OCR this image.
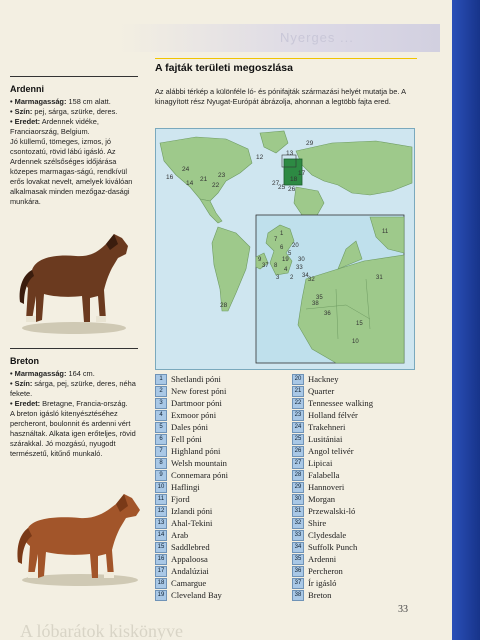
Nyerges ...
Ardenni
• Marmagasság: 158 cm alatt.
• Szín: pej, sárga, szürke, deres.
• Eredet: Ardennek vidéke, Franciaország, Belgium.
Jó küllemű, tömeges, izmos, jó csontozatú, rövid lábú igásló. Az Ardennek szélsőséges időjárása közepes marmagas-ságú, rendkívül erős lovakat nevelt, amelyek kiválóan alkalmasak minden mezőgaz-dasági munkára.
Breton
• Marmagasság: 164 cm.
• Szín: sárga, pej, szürke, deres, néha fekete.
• Eredet: Bretagne, Francia-ország.
A breton igásló kitenyésztéséhez percheront, boulonnit és ardenni vért használtak. Alkata igen erőteljes, rövid szárakkal. Jó mozgású, nyugodt természetű, kitűnő munkaló.
A fajták területi megoszlása
Az alábbi térkép a különféle ló- és pónifajták származási helyét mutatja be. A kinagyított rész Nyugat-Európát ábrázolja, ahonnan a legtöbb fajta ered.
12
13
16
28
29
21
22
14
23
24
25 26
27
18
17
1
2
3
4
5
6
7
8
9
10
11
20
19 30
33
34
35
31
32
36
37
38
15
1 Shetlandi póni
2 New forest póni
3 Dartmoor póni
4 Exmoor póni
5 Dales póni
6 Fell póni
7 Highland póni
8 Welsh mountain
9 Connemara póni
10 Haflingi
11 Fjord
12 Izlandi póni
13 Ahal-Tekini
14 Arab
15 Saddlebred
16 Appaloosa
17 Andalúziai
18 Camargue
19 Cleveland Bay
20 Hackney
21 Quarter
22 Tennessee walking
23 Holland félvér
24 Trakehneri
25 Lusitániai
26 Angol telivér
27 Lipicai
28 Falabella
29 Hannoveri
30 Morgan
31 Przewalski-ló
32 Shire
33 Clydesdale
34 Suffolk Punch
35 Ardenni
36 Percheron
37 Ír igásló
38 Breton
33
A lóbarátok kiskönyve
